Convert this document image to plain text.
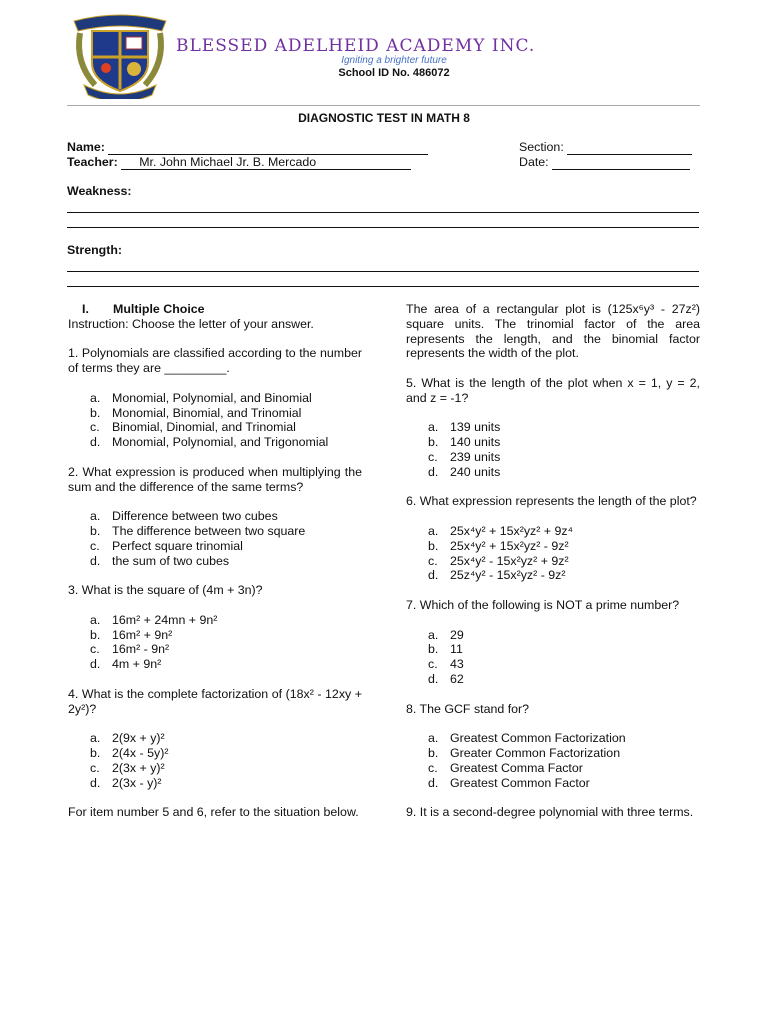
BLESSED ADELHEID ACADEMY INC.
Igniting a brighter future
School ID No. 486072
DIAGNOSTIC TEST IN MATH 8
Name:
Teacher: Mr. John Michael Jr. B. Mercado
Section:
Date:
Weakness:
Strength:
I. Multiple Choice

Instruction: Choose the letter of your answer.

1. Polynomials are classified according to the number of terms they are _________.

a. Monomial, Polynomial, and Binomial
b. Monomial, Binomial, and Trinomial
c. Binomial, Dinomial, and Trinomial
d. Monomial, Polynomial, and Trigonomial

2. What expression is produced when multiplying the sum and the difference of the same terms?

a. Difference between two cubes
b. The difference between two square
c. Perfect square trinomial
d. the sum of two cubes

3. What is the square of (4m + 3n)?

a. 16m² + 24mn + 9n²
b. 16m² + 9n²
c. 16m² - 9n²
d. 4m + 9n²

4. What is the complete factorization of (18x² - 12xy + 2y²)?

a. 2(9x + y)²
b. 2(4x - 5y)²
c. 2(3x + y)²
d. 2(3x - y)²

For item number 5 and 6, refer to the situation below.

The area of a rectangular plot is (125x⁶y³ - 27z²) square units. The trinomial factor of the area represents the length, and the binomial factor represents the width of the plot.

5. What is the length of the plot when x = 1, y = 2, and z = -1?

a. 139 units
b. 140 units
c. 239 units
d. 240 units

6. What expression represents the length of the plot?

a. 25x⁴y² + 15x²yz² + 9z⁴
b. 25x⁴y² + 15x²yz² - 9z²
c. 25x⁴y² - 15x²yz² + 9z²
d. 25z⁴y² - 15x²yz² - 9z²

7. Which of the following is NOT a prime number?

a. 29
b. 11
c. 43
d. 62

8. The GCF stand for?

a. Greatest Common Factorization
b. Greater Common Factorization
c. Greatest Comma Factor
d. Greatest Common Factor

9. It is a second-degree polynomial with three terms.
